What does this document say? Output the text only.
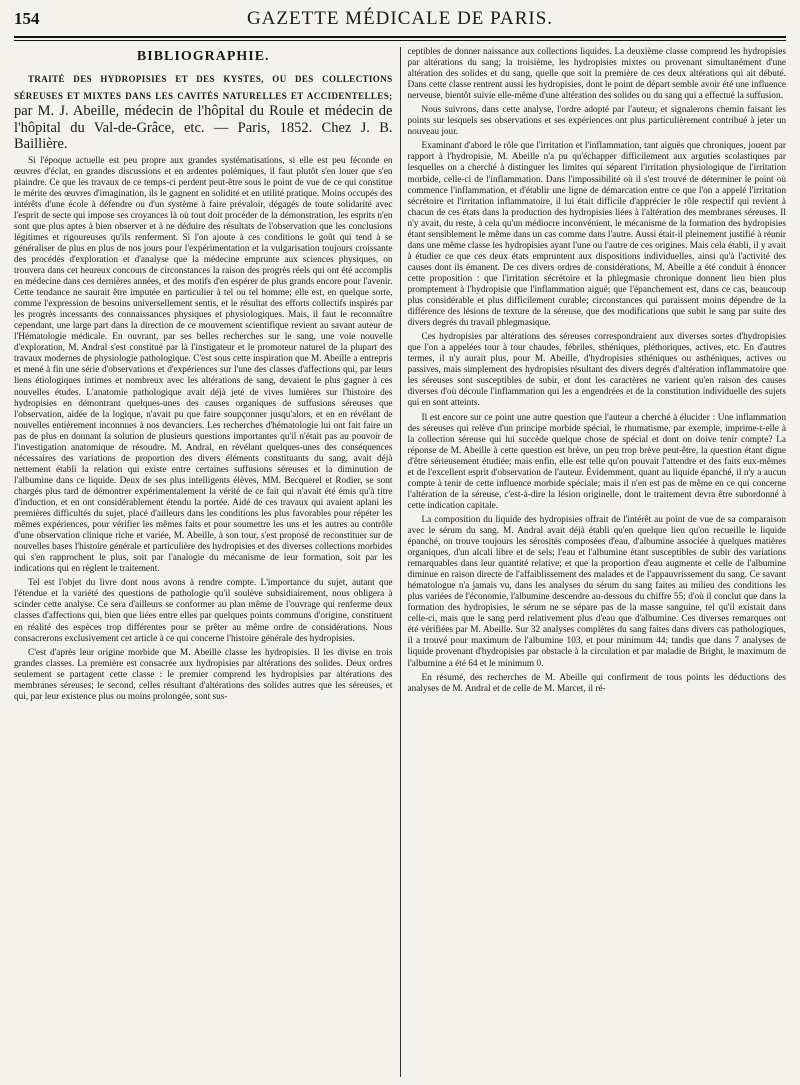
154	GAZETTE MÉDICALE DE PARIS.
BIBLIOGRAPHIE.

TRAITÉ DES HYDROPISIES ET DES KYSTES, OU DES COLLECTIONS SÉREUSES ET MIXTES DANS LES CAVITÉS NATURELLES ET ACCIDENTELLES; par M. J. Abeille, médecin de l'hôpital du Roule et médecin de l'hôpital du Val-de-Grâce, etc. — Paris, 1852. Chez J. B. Baillière.

Si l'époque actuelle est peu propre aux grandes systématisations, si elle est peu féconde en œuvres d'éclat, en grandes discussions et en ardentes polémiques, il faut plutôt s'en louer que s'en plaindre. Ce que les travaux de ce temps-ci perdent peut-être sous le point de vue de ce qui constitue le mérite des œuvres d'imagination, ils le gagnent en solidité et en utilité pratique. Moins occupés des intérêts d'une école à défendre ou d'un système à faire prévaloir, dégagés de toute solidarité avec l'esprit de secte qui impose ses croyances là où tout doit procéder de la démonstration, les esprits n'en sont que plus aptes à bien observer et à ne déduire des résultats de l'observation que les conclusions légitimes et rigoureuses qu'ils renferment. Si l'on ajoute à ces conditions le goût qui tend à se généraliser de plus en plus de nos jours pour l'expérimentation et la vulgarisation toujours croissante des procédés d'exploration et d'analyse que la médecine emprunte aux sciences physiques, on trouvera dans cet heureux concours de circonstances la raison des progrès réels qui ont été accomplis en médecine dans ces dernières années, et des motifs d'en espérer de plus grands encore pour l'avenir. Cette tendance ne saurait être imputée en particulier à tel ou tel homme; elle est, en quelque sorte, comme l'expression de besoins universellement sentis, et le résultat des efforts collectifs inspirés par les progrès incessants des connaissances physiques et physiologiques. Mais, il faut le reconnaître cependant, une large part dans la direction de ce mouvement scientifique revient au savant auteur de l'Hématologie médicale. En ouvrant, par ses belles recherches sur le sang, une voie nouvelle d'exploration, M. Andral s'est constitué par là l'instigateur et le promoteur naturel de la plupart des travaux modernes de physiologie pathologique. C'est sous cette inspiration que M. Abeille a entrepris et mené à fin une série d'observations et d'expériences sur l'une des classes d'affections qui, par leurs liens étiologiques intimes et nombreux avec les altérations de sang, devaient le plus gagner à ces nouvelles études. L'anatomie pathologique avait déjà jeté de vives lumières sur l'histoire des hydropisies en démontrant quelques-unes des causes organiques de suffusions séreuses que l'observation, aidée de la logique, n'avait pu que faire soupçonner jusqu'alors, et en en révélant de nouvelles entièrement inconnues à nos devanciers. Les recherches d'hématologie lui ont fait faire un pas de plus en donnant la solution de plusieurs questions importantes qu'il n'était pas au pouvoir de l'investigation anatomique de résoudre. M. Andral, en révélant quelques-unes des conséquences nécessaires des variations de proportion des divers éléments constituants du sang, avait déjà nettement établi la relation qui existe entre certaines suffusions séreuses et la diminution de l'albumine dans ce liquide. Deux de ses plus intelligents élèves, MM. Becquerel et Rodier, se sont chargés plus tard de démontrer expérimentalement la vérité de ce fait qui n'avait été émis qu'à titre d'induction, et en ont considérablement étendu la portée. Aidé de ces travaux qui avaient aplani les premières difficultés du sujet, placé d'ailleurs dans les conditions les plus favorables pour répéter les mêmes expériences, pour vérifier les mêmes faits et pour soumettre les uns et les autres au contrôle d'une observation clinique riche et variée, M. Abeille, à son tour, s'est proposé de reconstituer sur de nouvelles bases l'histoire générale et particulière des hydropisies et des diverses collections morbides qui s'en rapprochent le plus, soit par l'analogie du mécanisme de leur formation, soit par les indications qui en règlent le traitement.

Tel est l'objet du livre dont nous avons à rendre compte. L'importance du sujet, autant que l'étendue et la variété des questions de pathologie qu'il soulève subsidiairement, nous obligera à scinder cette analyse. Ce sera d'ailleurs se conformer au plan même de l'ouvrage qui renferme deux classes d'affections qui, bien que liées entre elles par quelques points communs d'origine, constituent en réalité des espèces trop différentes pour se prêter au même ordre de considérations. Nous consacrerons exclusivement cet article à ce qui concerne l'histoire générale des hydropisies.

C'est d'après leur origine morbide que M. Abeille classe les hydropisies. Il les divise en trois grandes classes. La première est consacrée aux hydropisies par altérations des solides. Deux ordres seulement se partagent cette classe : le premier comprend les hydropisies par altérations des membranes séreuses; le second, celles résultant d'altérations des solides autres que les séreuses, et qui, par leur existence plus ou moins prolongée, sont sus-

ceptibles de donner naissance aux collections liquides. La deuxième classe comprend les hydropisies par altérations du sang; la troisième, les hydropisies mixtes ou provenant simultanément d'une altération des solides et du sang, quelle que soit la première de ces deux altérations qui ait débuté. Dans cette classe rentrent aussi les hydropisies, dont le point de départ semble avoir été une influence nerveuse, bientôt suivie elle-même d'une altération des solides ou du sang qui a effectué la suffusion.

Nous suivrons, dans cette analyse, l'ordre adopté par l'auteur, et signalerons chemin faisant les points sur lesquels ses observations et ses expériences ont plus particulièrement contribué à jeter un nouveau jour.

Examinant d'abord le rôle que l'irritation et l'inflammation, tant aiguës que chroniques, jouent par rapport à l'hydropisie, M. Abeille n'a pu qu'échapper difficilement aux arguties scolastiques par lesquelles on a cherché à distinguer les limites qui séparent l'irritation physiologique de l'irritation morbide, celle-ci de l'inflammation. Dans l'impossibilité où il s'est trouvé de déterminer le point où commence l'inflammation, et d'établir une ligne de démarcation entre ce que l'on a appelé l'irritation sécrétoire et l'irritation inflammatoire, il lui était difficile d'apprécier le rôle respectif qui revient à chacun de ces états dans la production des hydropisies liées à l'altération des membranes séreuses. Il n'y avait, du reste, à cela qu'un médiocre inconvénient, le mécanisme de la formation des hydropisies étant sensiblement le même dans un cas comme dans l'autre. Aussi était-il pleinement justifié à réunir dans une même classe les hydropisies ayant l'une ou l'autre de ces origines. Mais cela établi, il y avait à étudier ce que ces deux états empruntent aux dispositions individuelles, ainsi qu'à l'activité des causes dont ils émanent. De ces divers ordres de considérations, M. Abeille a été conduit à énoncer cette proposition : que l'irritation sécrétoire et la phlegmasie chronique donnent lieu bien plus promptement à l'hydropisie que l'inflammation aiguë; que l'épanchement est, dans ce cas, beaucoup plus considérable et plus difficilement curable; circonstances qui paraissent moins dépendre de la différence des lésions de texture de la séreuse, que des modifications que subit le sang par suite des divers degrés du travail phlegmasique.

Ces hydropisies par altérations des séreuses correspondraient aux diverses sortes d'hydropisies que l'on a appelées tour à tour chaudes, fébriles, sthéniques, pléthoriques, actives, etc. En d'autres termes, il n'y aurait plus, pour M. Abeille, d'hydropisies sthéniques ou asthéniques, actives ou passives, mais simplement des hydropisies résultant des divers degrés d'altération inflammatoire que les séreuses sont susceptibles de subir, et dont les caractères ne varient qu'en raison des causes diverses d'où découle l'inflammation qui les a engendrées et de la constitution individuelle des sujets qui en sont atteints.

Il est encore sur ce point une autre question que l'auteur a cherché à élucider : Une inflammation des séreuses qui relève d'un principe morbide spécial, le rhumatisme, par exemple, imprime-t-elle à la collection séreuse qui lui succède quelque chose de spécial et dont on doive tenir compte? La réponse de M. Abeille à cette question est brève, un peu trop brève peut-être, la question étant digne d'être sérieusement étudiée; mais enfin, elle est telle qu'on pouvait l'attendre et des faits eux-mêmes et de l'excellent esprit d'observation de l'auteur. Évidemment, quant au liquide épanché, il n'y a aucun compte à tenir de cette influence morbide spéciale; mais il n'en est pas de même en ce qui concerne l'altération de la séreuse, c'est-à-dire la lésion originelle, dont le traitement devra être subordonné à cette indication capitale.

La composition du liquide des hydropisies offrait de l'intérêt au point de vue de sa comparaison avec le sérum du sang. M. Andral avait déjà établi qu'en quelque lieu qu'on recueille le liquide épanché, on trouve toujours les sérosités composées d'eau, d'albumine associée à quelques matières organiques, d'un alcali libre et de sels; l'eau et l'albumine étant susceptibles de subir des variations remarquables dans leur quantité relative; et que la proportion d'eau augmente et celle de l'albumine diminue en raison directe de l'affaiblissement des malades et de l'appauvrissement du sang. Ce savant hématologue n'a jamais vu, dans les analyses du sérum du sang faites au milieu des conditions les plus variées de l'économie, l'albumine descendre au-dessous du chiffre 55; d'où il conclut que dans la formation des hydropisies, le sérum ne se sépare pas de la masse sanguine, tel qu'il existait dans celle-ci, mais que le sang perd relativement plus d'eau que d'albumine. Ces diverses remarques ont été vérifiées par M. Abeille. Sur 32 analyses complètes du sang faites dans divers cas pathologiques, il a trouvé pour maximum de l'albumine 103, et pour minimum 44; tandis que dans 7 analyses de liquide provenant d'hydropisies par obstacle à la circulation et par maladie de Bright, le maximum de l'albumine a été 64 et le minimum 0.

En résumé, des recherches de M. Abeille qui confirment de tous points les déductions des analyses de M. Andral et de celle de M. Marcet, il ré-
